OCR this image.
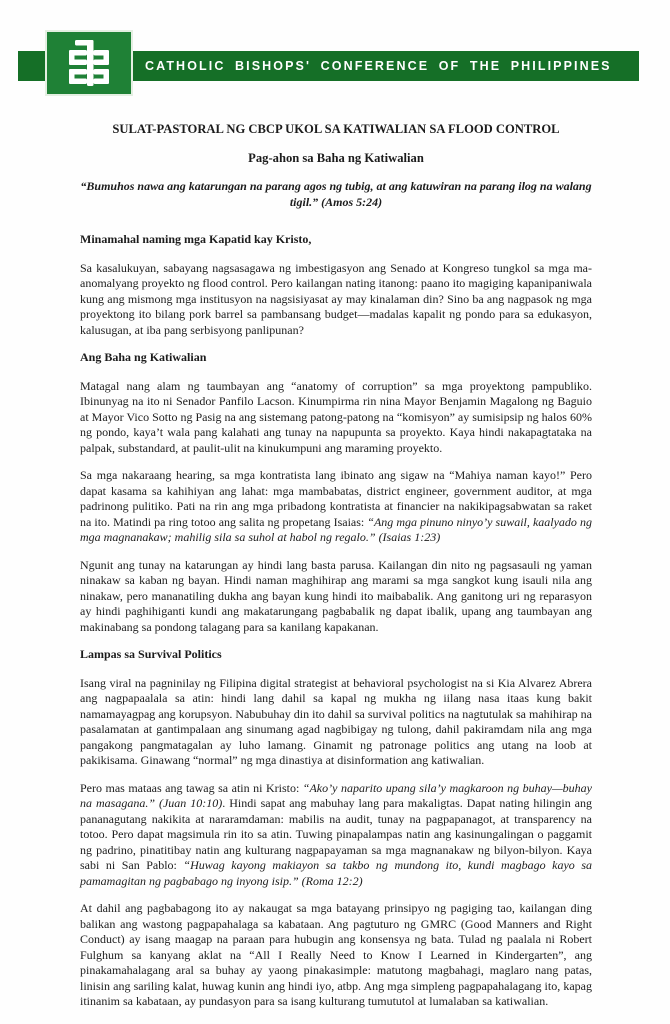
CATHOLIC BISHOPS' CONFERENCE OF THE PHILIPPINES

SULAT-PASTORAL NG CBCP UKOL SA KATIWALIAN SA FLOOD CONTROL

Pag-ahon sa Baha ng Katiwalian

“Bumuhos nawa ang katarungan na parang agos ng tubig, at ang katuwiran na parang ilog na walang tigil.” (Amos 5:24)

Minamahal naming mga Kapatid kay Kristo,

Sa kasalukuyan, sabayang nagsasagawa ng imbestigasyon ang Senado at Kongreso tungkol sa mga ma-anomalyang proyekto ng flood control. Pero kailangan nating itanong: paano ito magiging kapanipaniwala kung ang mismong mga institusyon na nagsisiyasat ay may kinalaman din? Sino ba ang nagpasok ng mga proyektong ito bilang pork barrel sa pambansang budget—madalas kapalit ng pondo para sa edukasyon, kalusugan, at iba pang serbisyong panlipunan?

Ang Baha ng Katiwalian

Matagal nang alam ng taumbayan ang “anatomy of corruption” sa mga proyektong pampubliko. Ibinunyag na ito ni Senador Panfilo Lacson. Kinumpirma rin nina Mayor Benjamin Magalong ng Baguio at Mayor Vico Sotto ng Pasig na ang sistemang patong-patong na “komisyon” ay sumisipsip ng halos 60% ng pondo, kaya’t wala pang kalahati ang tunay na napupunta sa proyekto. Kaya hindi nakapagtataka na palpak, substandard, at paulit-ulit na kinukumpuni ang maraming proyekto.

Sa mga nakaraang hearing, sa mga kontratista lang ibinato ang sigaw na “Mahiya naman kayo!” Pero dapat kasama sa kahihiyan ang lahat: mga mambabatas, district engineer, government auditor, at mga padrinong pulitiko. Pati na rin ang mga pribadong kontratista at financier na nakikipagsabwatan sa raket na ito. Matindi pa ring totoo ang salita ng propetang Isaias: “Ang mga pinuno ninyo’y suwail, kaalyado ng mga magnanakaw; mahilig sila sa suhol at habol ng regalo.” (Isaias 1:23)

Ngunit ang tunay na katarungan ay hindi lang basta parusa. Kailangan din nito ng pagsasauli ng yaman ninakaw sa kaban ng bayan. Hindi naman maghihirap ang marami sa mga sangkot kung isauli nila ang ninakaw, pero mananatiling dukha ang bayan kung hindi ito maibabalik. Ang ganitong uri ng reparasyon ay hindi paghihiganti kundi ang makatarungang pagbabalik ng dapat ibalik, upang ang taumbayan ang makinabang sa pondong talagang para sa kanilang kapakanan.

Lampas sa Survival Politics

Isang viral na pagninilay ng Filipina digital strategist at behavioral psychologist na si Kia Alvarez Abrera ang nagpapaalala sa atin: hindi lang dahil sa kapal ng mukha ng iilang nasa itaas kung bakit namamayagpag ang korupsyon. Nabubuhay din ito dahil sa survival politics na nagtutulak sa mahihirap na pasalamatan at gantimpalaan ang sinumang agad nagbibigay ng tulong, dahil pakiramdam nila ang mga pangakong pangmatagalan ay luho lamang. Ginamit ng patronage politics ang utang na loob at pakikisama. Ginawang “normal” ng mga dinastiya at disinformation ang katiwalian.

Pero mas mataas ang tawag sa atin ni Kristo: “Ako’y naparito upang sila’y magkaroon ng buhay—buhay na masagana.” (Juan 10:10). Hindi sapat ang mabuhay lang para makaligtas. Dapat nating hilingin ang pananagutang nakikita at nararamdaman: mabilis na audit, tunay na pagpapanagot, at transparency na totoo. Pero dapat magsimula rin ito sa atin. Tuwing pinapalampas natin ang kasinungalingan o paggamit ng padrino, pinatitibay natin ang kulturang nagpapayaman sa mga magnanakaw ng bilyon-bilyon. Kaya sabi ni San Pablo: “Huwag kayong makiayon sa takbo ng mundong ito, kundi magbago kayo sa pamamagitan ng pagbabago ng inyong isip.” (Roma 12:2)

At dahil ang pagbabagong ito ay nakaugat sa mga batayang prinsipyo ng pagiging tao, kailangan ding balikan ang wastong pagpapahalaga sa kabataan. Ang pagtuturo ng GMRC (Good Manners and Right Conduct) ay isang maagap na paraan para hubugin ang konsensya ng bata. Tulad ng paalala ni Robert Fulghum sa kanyang aklat na “All I Really Need to Know I Learned in Kindergarten”, ang pinakamahalagang aral sa buhay ay yaong pinakasimple: matutong magbahagi, maglaro nang patas, linisin ang sariling kalat, huwag kunin ang hindi iyo, atbp. Ang mga simpleng pagpapahalagang ito, kapag itinanim sa kabataan, ay pundasyon para sa isang kulturang tumututol at lumalaban sa katiwalian.
